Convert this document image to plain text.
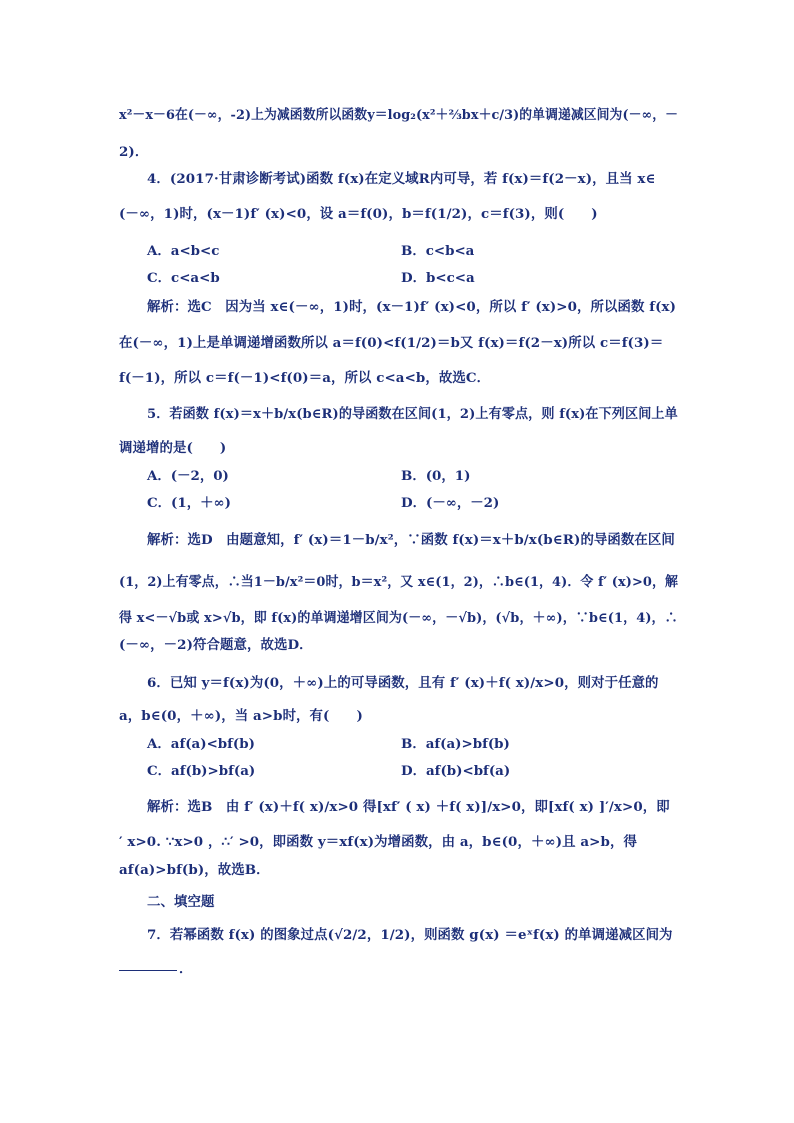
x²－x－6在(－∞，-2)上为减函数所以函数y＝log₂(x²＋⅔bx＋c/3)的单调递减区间为(－∞，－
2)．
4．(2017·甘肃诊断考试)函数 f(x)在定义域R内可导，若 f(x)＝f(2－x)，且当 x∈
(－∞，1)时，(x－1)f′ (x)<0，设 a＝f(0)，b＝f(1/2)，c＝f(3)，则(　　)
A．a<b<c	B．c<b<a
C．c<a<b	D．b<c<a
解析：选C　因为当 x∈(－∞，1)时，(x－1)f′ (x)<0，所以 f′ (x)>0，所以函数 f(x)
在(－∞，1)上是单调递增函数所以 a＝f(0)<f(1/2)＝b又 f(x)＝f(2－x)所以 c＝f(3)＝
f(－1)，所以 c＝f(－1)<f(0)＝a，所以 c<a<b，故选C．
5．若函数 f(x)＝x＋b/x(b∈R)的导函数在区间(1，2)上有零点，则 f(x)在下列区间上单
调递增的是(　　)
A．(－2，0)	B．(0，1)
C．(1，＋∞)	D．(－∞，－2)
解析：选D　由题意知，f′ (x)＝1－b/x²，∵函数 f(x)＝x＋b/x(b∈R)的导函数在区间
(1，2)上有零点，∴当1－b/x²＝0时，b＝x²，又 x∈(1，2)，∴b∈(1，4)．令 f′ (x)>0，解
得 x<－√b或 x>√b，即 f(x)的单调递增区间为(－∞，－√b)，(√b，＋∞)，∵b∈(1，4)，∴
(－∞，－2)符合题意，故选D．
6．已知 y＝f(x)为(0，＋∞)上的可导函数，且有 f′ (x)＋f( x)/x>0，则对于任意的
a，b∈(0，＋∞)，当 a>b时，有(　　)
A．af(a)<bf(b)	B．af(a)>bf(b)
C．af(b)>bf(a)	D．af(b)<bf(a)
解析：选B　由 f′ (x)＋f( x)/x>0 得[xf′ ( x) ＋f( x)]/x>0，即[xf( x) ]′/x>0，即
′ x>0. ∵x>0 ，∴′ >0，即函数 y＝xf(x)为增函数，由 a，b∈(0，＋∞)且 a>b，得
af(a)>bf(b)，故选B．
二、填空题
7．若幂函数 f(x) 的图象过点(√2/2，1/2)，则函数 g(x) ＝eˣf(x) 的单调递减区间为
．
